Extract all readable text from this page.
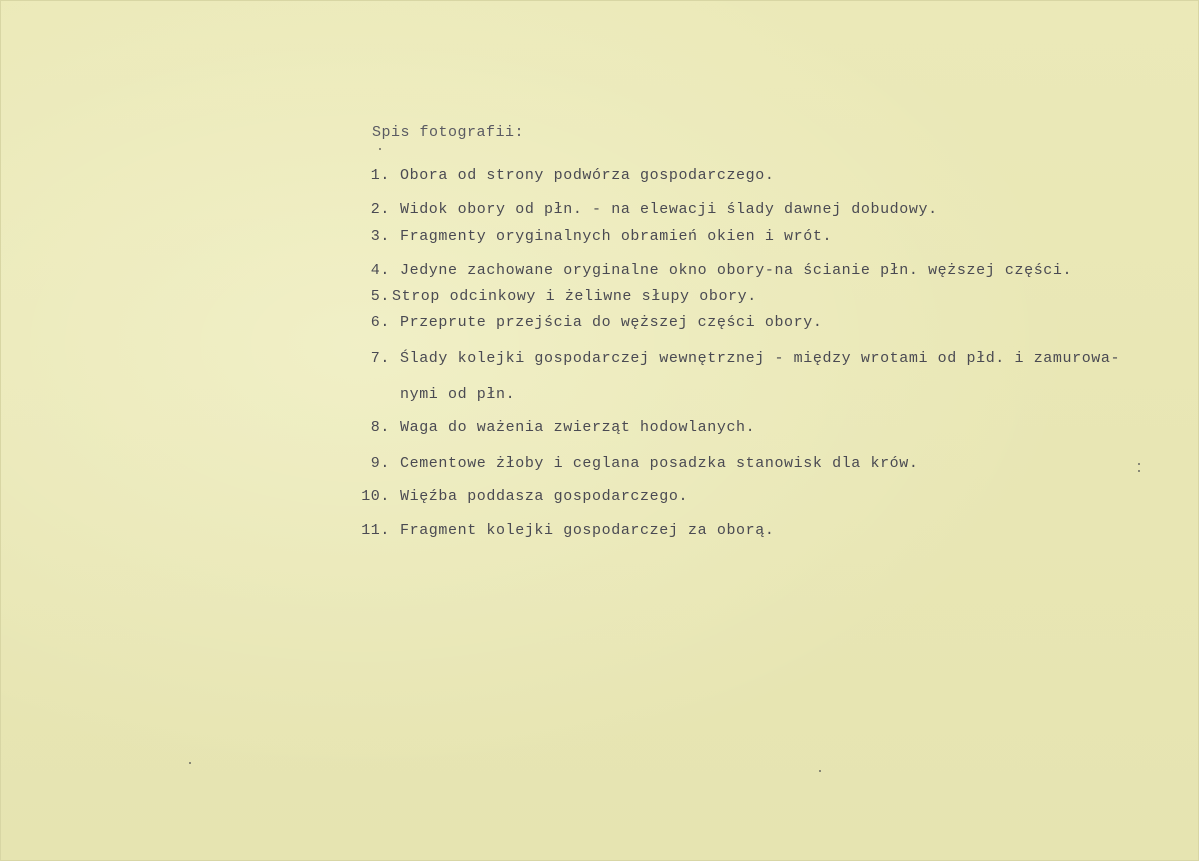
Spis fotografii:
1. Obora od strony podwórza gospodarczego.
2. Widok obory od płn. - na elewacji ślady dawnej dobudowy.
3. Fragmenty oryginalnych obramień okien i wrót.
4. Jedyne zachowane oryginalne okno obory-na ścianie płn. węższej części.
5. Strop odcinkowy i żeliwne słupy obory.
6. Przeprute przejścia do węższej części obory.
7. Ślady kolejki gospodarczej wewnętrznej - między wrotami od płd. i zamurowa-
nymi od płn.
8. Waga do ważenia zwierząt hodowlanych.
9. Cementowe żłoby i ceglana posadzka stanowisk dla krów.
10. Więźba poddasza gospodarczego.
11. Fragment kolejki gospodarczej za oborą.
